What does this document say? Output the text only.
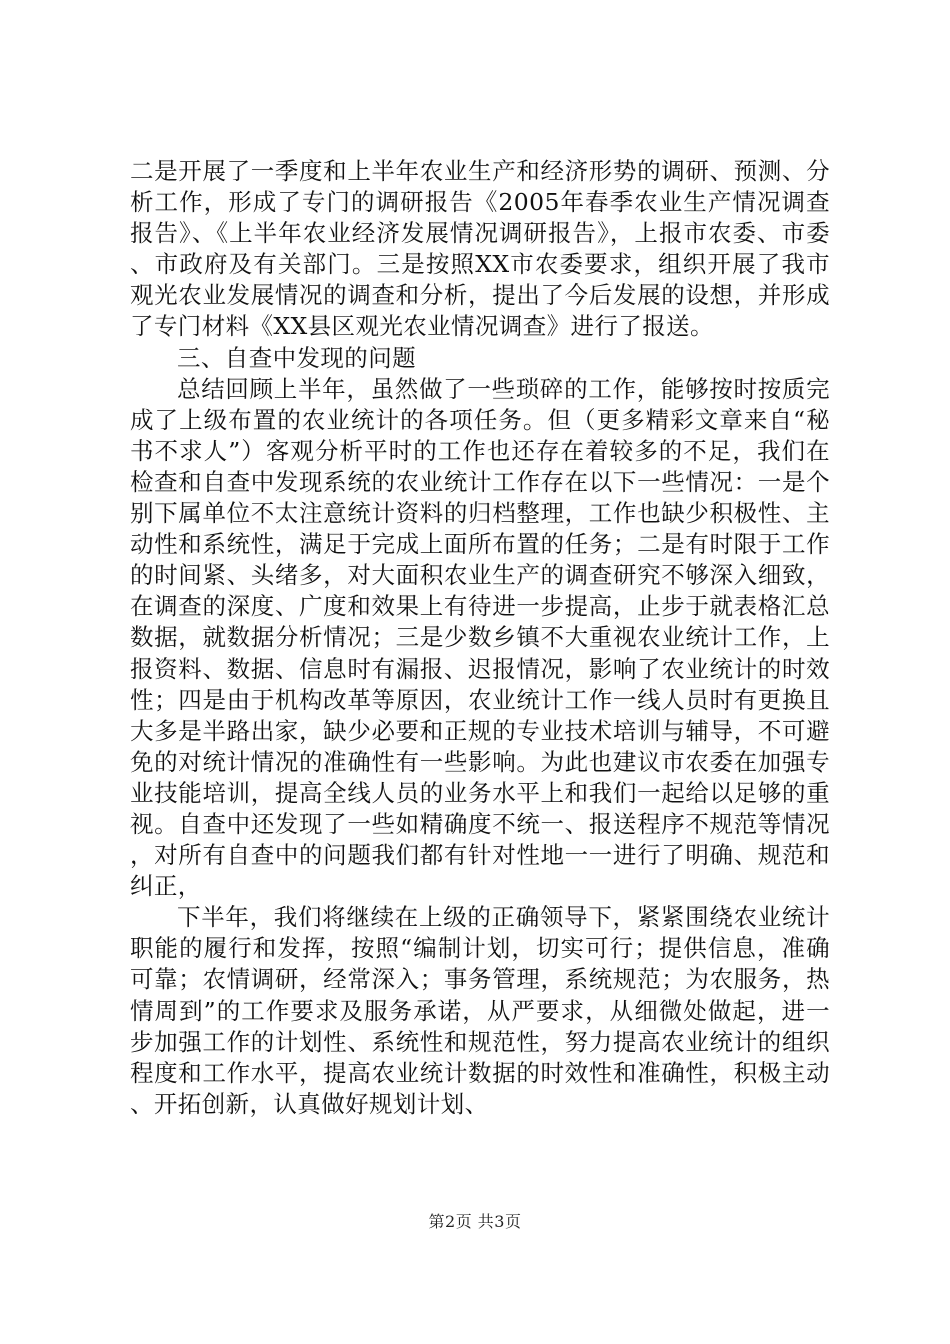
二是开展了一季度和上半年农业生产和经济形势的调研、预测、分析工作，形成了专门的调研报告《2005年春季农业生产情况调查报告》、《上半年农业经济发展情况调研报告》，上报市农委、市委、市政府及有关部门。三是按照XX市农委要求，组织开展了我市观光农业发展情况的调查和分析，提出了今后发展的设想，并形成了专门材料《XX县区观光农业情况调查》进行了报送。

三、自查中发现的问题

总结回顾上半年，虽然做了一些琐碎的工作，能够按时按质完成了上级布置的农业统计的各项任务。但（更多精彩文章来自“秘书不求人”）客观分析平时的工作也还存在着较多的不足，我们在检查和自查中发现系统的农业统计工作存在以下一些情况：一是个别下属单位不太注意统计资料的归档整理，工作也缺少积极性、主动性和系统性，满足于完成上面所布置的任务；二是有时限于工作的时间紧、头绪多，对大面积农业生产的调查研究不够深入细致，在调查的深度、广度和效果上有待进一步提高，止步于就表格汇总数据，就数据分析情况；三是少数乡镇不大重视农业统计工作，上报资料、数据、信息时有漏报、迟报情况，影响了农业统计的时效性；四是由于机构改革等原因，农业统计工作一线人员时有更换且大多是半路出家，缺少必要和正规的专业技术培训与辅导，不可避免的对统计情况的准确性有一些影响。为此也建议市农委在加强专业技能培训，提高全线人员的业务水平上和我们一起给以足够的重视。自查中还发现了一些如精确度不统一、报送程序不规范等情况，对所有自查中的问题我们都有针对性地一一进行了明确、规范和纠正，

下半年，我们将继续在上级的正确领导下，紧紧围绕农业统计职能的履行和发挥，按照“编制计划，切实可行；提供信息，准确可靠；农情调研，经常深入；事务管理，系统规范；为农服务，热情周到”的工作要求及服务承诺，从严要求，从细微处做起，进一步加强工作的计划性、系统性和规范性，努力提高农业统计的组织程度和工作水平，提高农业统计数据的时效性和准确性，积极主动、开拓创新，认真做好规划计划、

第2页 共3页
